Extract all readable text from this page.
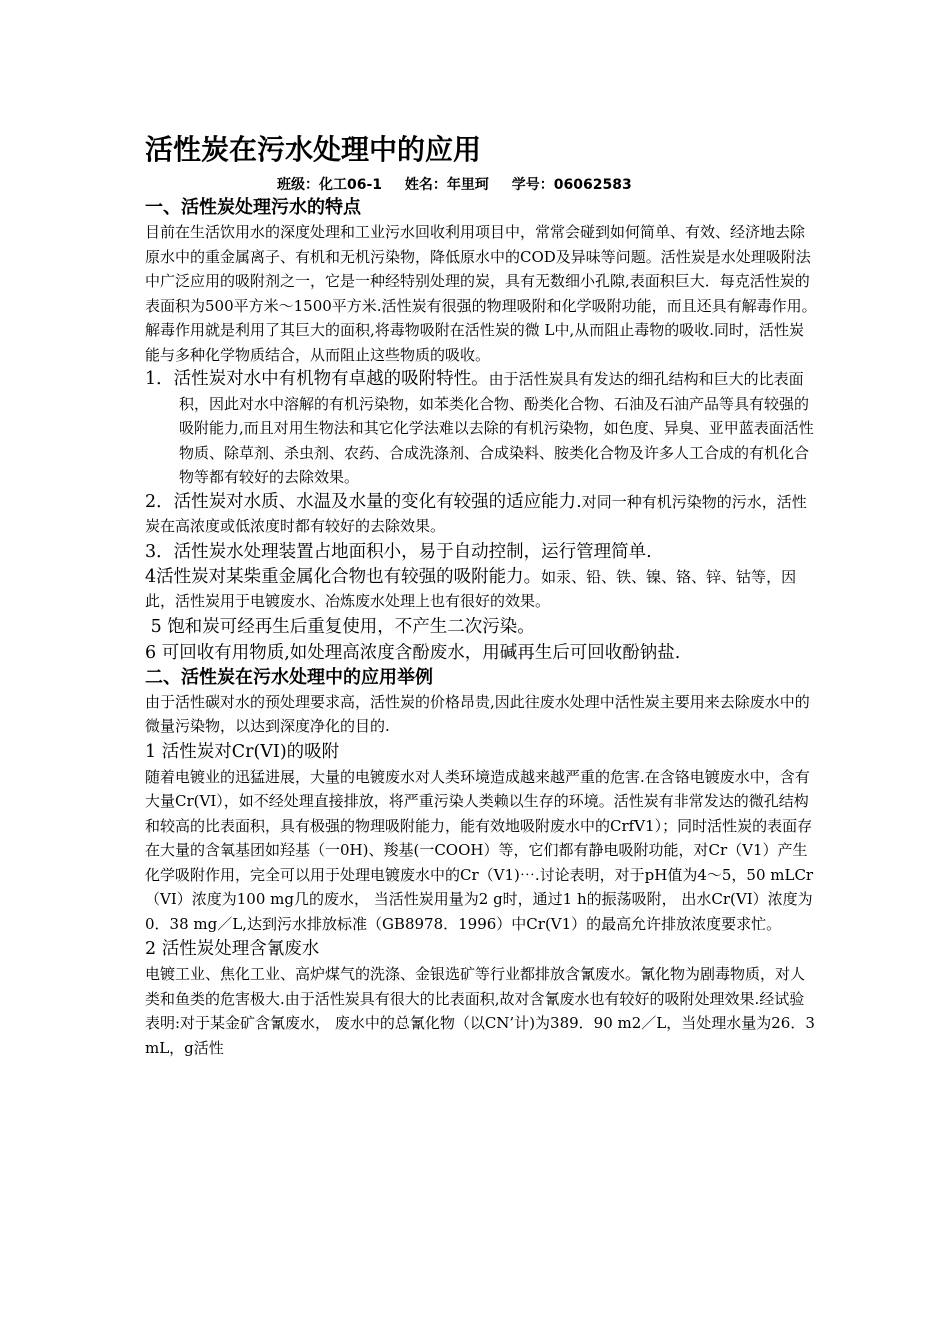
活性炭在污水处理中的应用
班级：化工06-1 姓名：年里珂 学号：06062583
一、活性炭处理污水的特点

目前在生活饮用水的深度处理和工业污水回收利用项目中，常常会碰到如何简单、有效、经济地去除原水中的重金属离子、有机和无机污染物，降低原水中的COD及异味等问题。活性炭是水处理吸附法中广泛应用的吸附剂之一，它是一种经特别处理的炭，具有无数细小孔隙,表面积巨大．每克活性炭的表面积为500平方米～1500平方米.活性炭有很强的物理吸附和化学吸附功能，而且还具有解毒作用。解毒作用就是利用了其巨大的面积,将毒物吸附在活性炭的微 L中,从而阻止毒物的吸收.同时，活性炭能与多种化学物质结合，从而阻止这些物质的吸收。

1．活性炭对水中有机物有卓越的吸附特性。由于活性炭具有发达的细孔结构和巨大的比表面积，因此对水中溶解的有机污染物，如苯类化合物、酚类化合物、石油及石油产品等具有较强的吸附能力,而且对用生物法和其它化学法难以去除的有机污染物，如色度、异臭、亚甲蓝表面活性物质、除草剂、杀虫剂、农药、合成洗涤剂、合成染料、胺类化合物及许多人工合成的有机化合物等都有较好的去除效果。

2．活性炭对水质、水温及水量的变化有较强的适应能力.对同一种有机污染物的污水，活性炭在高浓度或低浓度时都有较好的去除效果。

3．活性炭水处理装置占地面积小，易于自动控制，运行管理简单.

4活性炭对某柴重金属化合物也有较强的吸附能力。如汞、铅、铁、镍、铬、锌、钴等，因此，活性炭用于电镀废水、冶炼废水处理上也有很好的效果。

5 饱和炭可经再生后重复使用，不产生二次污染。

6 可回收有用物质,如处理高浓度含酚废水，用碱再生后可回收酚钠盐.

二、活性炭在污水处理中的应用举例

由于活性碳对水的预处理要求高，活性炭的价格昂贵,因此往废水处理中活性炭主要用来去除废水中的微量污染物，以达到深度净化的目的.

1 活性炭对Cr(VI)的吸附

随着电镀业的迅猛进展，大量的电镀废水对人类环境造成越来越严重的危害.在含铬电镀废水中，含有大量Cr(VI），如不经处理直接排放，将严重污染人类赖以生存的环境。活性炭有非常发达的微孔结构和较高的比表面积，具有极强的物理吸附能力，能有效地吸附废水中的CrfV1）；同时活性炭的表面存在大量的含氧基团如羟基（一0H)、羧基(一COOH）等，它们都有静电吸附功能，对Cr（V1）产生化学吸附作用，完全可以用于处理电镀废水中的Cr（V1)⋯.讨论表明，对于pH值为4～5，50 mLCr（VI）浓度为100 mg几的废水， 当活性炭用量为2 g时，通过1 h的振荡吸附， 出水Cr(VI）浓度为0．38 mg／L,达到污水排放标准（GB8978．1996）中Cr(V1）的最高允许排放浓度要求忙。

2 活性炭处理含氰废水

电镀工业、焦化工业、高炉煤气的洗涤、金银选矿等行业都排放含氰废水。氰化物为剧毒物质，对人类和鱼类的危害极大.由于活性炭具有很大的比表面积,故对含氰废水也有较好的吸附处理效果.经试验表明:对于某金矿含氰废水， 废水中的总氰化物（以CN’计)为389．90 m2／L，当处理水量为26．3 mL，g活性
